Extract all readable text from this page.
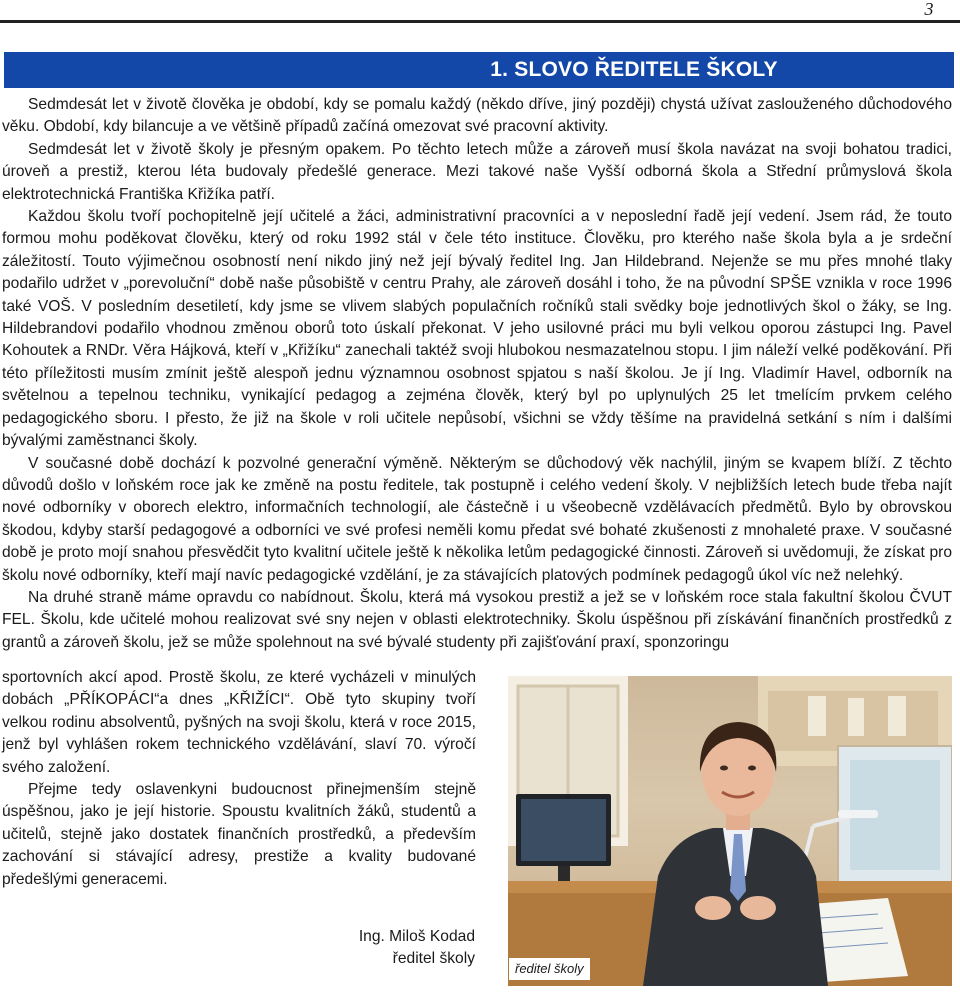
3
1. SLOVO ŘEDITELE ŠKOLY

Sedmdesát let v životě člověka je období, kdy se pomalu každý (někdo dříve, jiný později) chystá užívat zaslouženého důchodového věku. Období, kdy bilancuje a ve většině případů začíná omezovat své pracovní aktivity.

Sedmdesát let v životě školy je přesným opakem. Po těchto letech může a zároveň musí škola navázat na svoji bohatou tradici, úroveň a prestiž, kterou léta budovaly předešlé generace. Mezi takové naše Vyšší odborná škola a Střední průmyslová škola elektrotechnická Františka Křižíka patří.

Každou školu tvoří pochopitelně její učitelé a žáci, administrativní pracovníci a v neposlední řadě její vedení. Jsem rád, že touto formou mohu poděkovat člověku, který od roku 1992 stál v čele této instituce. Člověku, pro kterého naše škola byla a je srdeční záležitostí. Touto výjimečnou osobností není nikdo jiný než její bývalý ředitel Ing. Jan Hildebrand. Nejenže se mu přes mnohé tlaky podařilo udržet v „porevoluční“ době naše působiště v centru Prahy, ale zároveň dosáhl i toho, že na původní SPŠE vznikla v roce 1996 také VOŠ. V posledním desetiletí, kdy jsme se vlivem slabých populačních ročníků stali svědky boje jednotlivých škol o žáky, se Ing. Hildebrandovi podařilo vhodnou změnou oborů toto úskalí překonat. V jeho usilovné práci mu byli velkou oporou zástupci Ing. Pavel Kohoutek a RNDr. Věra Hájková, kteří v „Křižíku“ zanechali taktéž svoji hlubokou nesmazatelnou stopu. I jim náleží velké poděkování. Při této příležitosti musím zmínit ještě alespoň jednu významnou osobnost spjatou s naší školou. Je jí Ing. Vladimír Havel, odborník na světelnou a tepelnou techniku, vynikající pedagog a zejména člověk, který byl po uplynulých 25 let tmelícím prvkem celého pedagogického sboru. I přesto, že již na škole v roli učitele nepůsobí, všichni se vždy těšíme na pravidelná setkání s ním i dalšími bývalými zaměstnanci školy.

V současné době dochází k pozvolné generační výměně. Některým se důchodový věk nachýlil, jiným se kvapem blíží. Z těchto důvodů došlo v loňském roce jak ke změně na postu ředitele, tak postupně i celého vedení školy. V nejbližších letech bude třeba najít nové odborníky v oborech elektro, informačních technologií, ale částečně i u všeobecně vzdělávacích předmětů. Bylo by obrovskou škodou, kdyby starší pedagogové a odborníci ve své profesi neměli komu předat své bohaté zkušenosti z mnohaleté praxe. V současné době je proto mojí snahou přesvědčit tyto kvalitní učitele ještě k několika letům pedagogické činnosti. Zároveň si uvědomuji, že získat pro školu nové odborníky, kteří mají navíc pedagogické vzdělání, je za stávajících platových podmínek pedagogů úkol víc než nelehký.

Na druhé straně máme opravdu co nabídnout. Školu, která má vysokou prestiž a jež se v loňském roce stala fakultní školou ČVUT FEL. Školu, kde učitelé mohou realizovat své sny nejen v oblasti elektrotechniky. Školu úspěšnou při získávání finančních prostředků z grantů a zároveň školu, jež se může spolehnout na své bývalé studenty při zajišťování praxí, sponzoringu

sportovních akcí apod. Prostě školu, ze které vycházeli v minulých dobách „PŘÍKOPÁCI“a dnes „KŘIŽÍCI“. Obě tyto skupiny tvoří velkou rodinu absolventů, pyšných na svoji školu, která v roce 2015, jenž byl vyhlášen rokem technického vzdělávání, slaví 70. výročí svého založení.

Přejme tedy oslavenkyni budoucnost přinejmenším stejně úspěšnou, jako je její historie. Spoustu kvalitních žáků, studentů a učitelů, stejně jako dostatek finančních prostředků, a především zachování si stávající adresy, prestiže a kvality budované předešlými generacemi.

Ing. Miloš Kodad
ředitel školy
ředitel školy
